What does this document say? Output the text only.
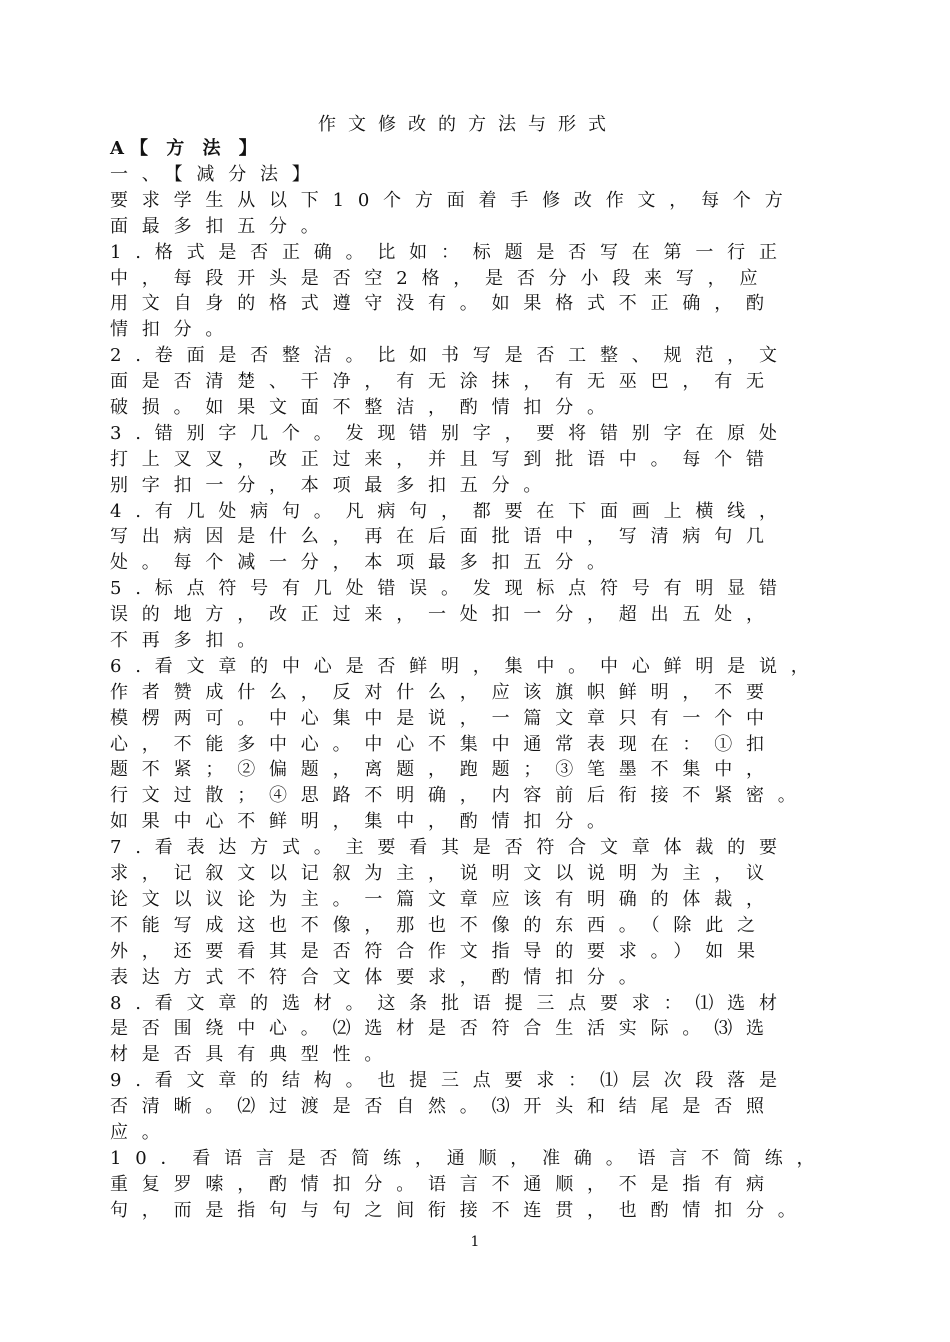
作文修改的方法与形式
A【 方 法 】
一、【减分法】
要求学生从以下10个方面着手修改作文，每个方
面最多扣五分。
1.格式是否正确。比如：标题是否写在第一行正
中，每段开头是否空2格，是否分小段来写，应
用文自身的格式遵守没有。如果格式不正确，酌
情扣分。
2.卷面是否整洁。比如书写是否工整、规范，文
面是否清楚、干净，有无涂抹，有无巫巴，有无
破损。如果文面不整洁，酌情扣分。
3.错别字几个。发现错别字，要将错别字在原处
打上叉叉，改正过来，并且写到批语中。每个错
别字扣一分，本项最多扣五分。
4.有几处病句。凡病句，都要在下面画上横线，
写出病因是什么，再在后面批语中，写清病句几
处。每个减一分，本项最多扣五分。
5.标点符号有几处错误。发现标点符号有明显错
误的地方，改正过来，一处扣一分，超出五处，
不再多扣。
6.看文章的中心是否鲜明，集中。中心鲜明是说，
作者赞成什么，反对什么，应该旗帜鲜明，不要
模楞两可。中心集中是说，一篇文章只有一个中
心，不能多中心。中心不集中通常表现在：①扣
题不紧；②偏题，离题，跑题；③笔墨不集中，
行文过散；④思路不明确，内容前后衔接不紧密。
如果中心不鲜明，集中，酌情扣分。
7.看表达方式。主要看其是否符合文章体裁的要
求，记叙文以记叙为主，说明文以说明为主，议
论文以议论为主。一篇文章应该有明确的体裁，
不能写成这也不像，那也不像的东西。（除此之
外，还要看其是否符合作文指导的要求。）如果
表达方式不符合文体要求，酌情扣分。
8.看文章的选材。这条批语提三点要求：⑴选材
是否围绕中心。⑵选材是否符合生活实际。⑶选
材是否具有典型性。
9.看文章的结构。也提三点要求：⑴层次段落是
否清晰。⑵过渡是否自然。⑶开头和结尾是否照
应。
10．看语言是否简练，通顺，准确。语言不简练，
重复罗嗦，酌情扣分。语言不通顺，不是指有病
句，而是指句与句之间衔接不连贯，也酌情扣分。
1
